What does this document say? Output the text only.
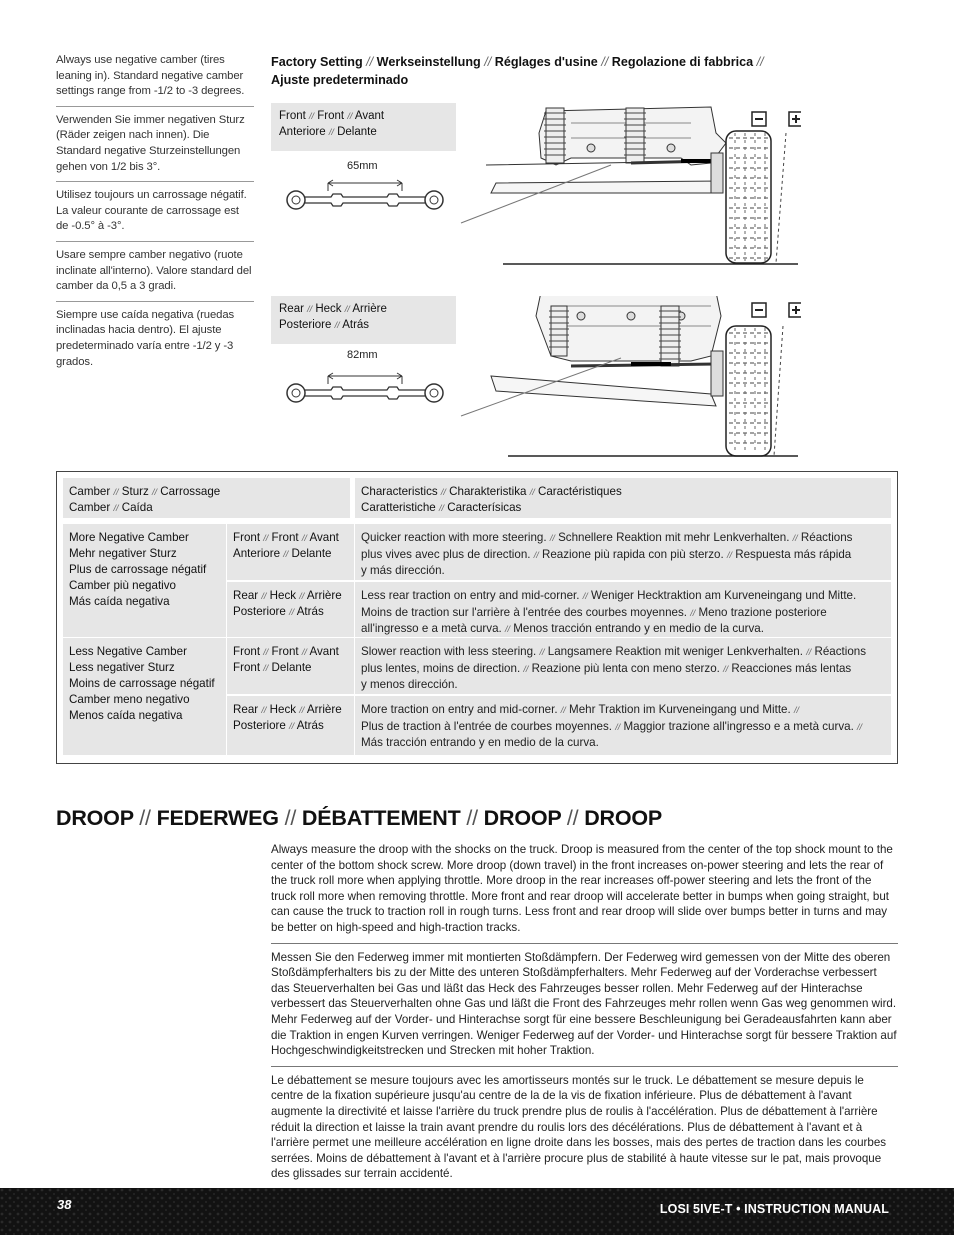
Always use negative camber (tires leaning in). Standard negative camber settings range from -1/2 to -3 degrees.
Verwenden Sie immer negativen Sturz (Räder zeigen nach innen). Die Standard negative Sturzeinstellungen gehen von 1/2 bis 3°.
Utilisez toujours un carrossage négatif. La valeur courante de carrossage est de -0.5° à -3°.
Usare sempre camber negativo (ruote inclinate all'interno). Valore standard del camber da 0,5 a 3 gradi.
Siempre use caída negativa (ruedas inclinadas hacia dentro). El ajuste predeterminado varía entre -1/2 y -3 grados.
Factory Setting // Werkseinstellung // Réglages d'usine // Regolazione di fabbrica //
Ajuste predeterminado
Front // Front // Avant
Anteriore // Delante
65mm
Rear // Heck // Arrière
Posteriore // Atrás
82mm
Camber // Sturz // Carrossage
Camber // Caída
Characteristics // Charakteristika // Caractéristiques
Caratteristiche // Caracterísicas
More Negative Camber
Mehr negativer Sturz
Plus de carrossage négatif
Camber più negativo
Más caída negativa
Front // Front // Avant
Anteriore // Delante
Quicker reaction with more steering. // Schnellere Reaktion mit mehr Lenkverhalten. // Réactions
plus vives avec plus de direction. // Reazione più rapida con più sterzo. // Respuesta más rápida
y más dirección.
Rear // Heck // Arrière
Posteriore // Atrás
Less rear traction on entry and mid-corner. // Weniger Hecktraktion am Kurveneingang und Mitte.
Moins de traction sur l'arrière à l'entrée des courbes moyennes. // Meno trazione posteriore
all'ingresso e a metà curva. // Menos tracción entrando y en medio de la curva.
Less Negative Camber
Less negativer Sturz
Moins de carrossage négatif
Camber meno negativo
Menos caída negativa
Front // Front // Avant
Front // Delante
Slower reaction with less steering. // Langsamere Reaktion mit weniger Lenkverhalten. // Réactions
plus lentes, moins de direction. // Reazione più lenta con meno sterzo. // Reacciones más lentas
y menos dirección.
Rear // Heck // Arrière
Posteriore // Atrás
More traction on entry and mid-corner. // Mehr Traktion im Kurveneingang und Mitte. //
Plus de traction à l'entrée de courbes moyennes. // Maggior trazione all'ingresso e a metà curva. //
Más tracción entrando y en medio de la curva.
DROOP // FEDERWEG // DÉBATTEMENT // DROOP // DROOP

Always measure the droop with the shocks on the truck. Droop is measured from the center of the top shock mount to the center of the bottom shock screw. More droop (down travel) in the front increases on-power steering and lets the rear of the truck roll more when applying throttle. More droop in the rear increases off-power steering and lets the front of the truck roll more when removing throttle. More front and rear droop will accelerate better in bumps when going straight, but can cause the truck to traction roll in rough turns. Less front and rear droop will slide over bumps better in turns and may be better on high-speed and high-traction tracks.

Messen Sie den Federweg immer mit montierten Stoßdämpfern. Der Federweg wird gemessen von der Mitte des oberen Stoßdämpferhalters bis zu der Mitte des unteren Stoßdämpferhalters. Mehr Federweg auf der Vorderachse verbessert das Steuerverhalten bei Gas und läßt das Heck des Fahrzeuges besser rollen. Mehr Federweg auf der Hinterachse verbessert das Steuerverhalten ohne Gas und läßt die Front des Fahrzeuges mehr rollen wenn Gas weg genommen wird. Mehr Federweg auf der Vorder- und Hinterachse sorgt für eine bessere Beschleunigung bei Geradeausfahrten kann aber die Traktion in engen Kurven verringen. Weniger Federweg auf der Vorder- und Hinterachse sorgt für bessere Traktion auf Hochgeschwindigkeitstrecken und Strecken mit hoher Traktion.

Le débattement se mesure toujours avec les amortisseurs montés sur le truck. Le débattement se mesure depuis le centre de la fixation supérieure jusqu'au centre de la de la vis de fixation inférieure. Plus de débattement à l'avant augmente la directivité et laisse l'arrière du truck prendre plus de roulis à l'accélération. Plus de débattement à l'arrière réduit la direction et laisse la train avant prendre du roulis lors des décélérations. Plus de débattement à l'avant et à l'arrière permet une meilleure accélération en ligne droite dans les bosses, mais des pertes de traction dans les courbes serrées. Moins de débattement à l'avant et à l'arrière procure plus de stabilité à haute vitesse sur le pat, mais provoque des glissades sur terrain accidenté.

38	LOSI 5IVE-T • INSTRUCTION MANUAL
